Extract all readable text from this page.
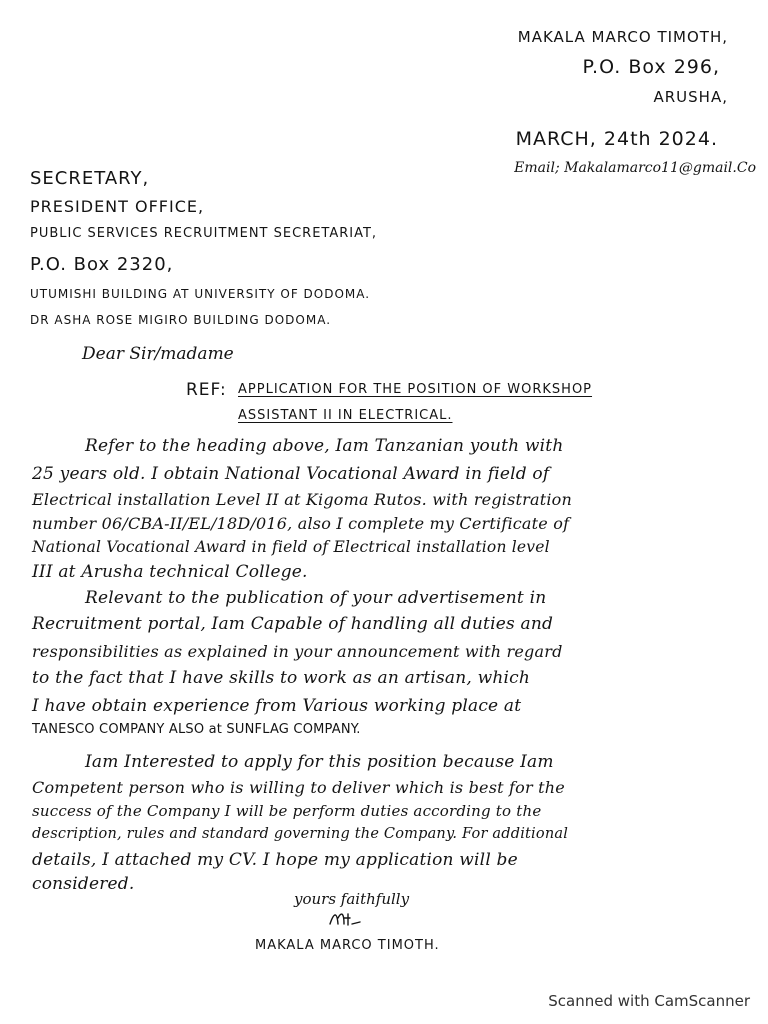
MAKALA MARCO TIMOTH,
P.O. Box 296,
ARUSHA,
MARCH, 24th 2024.
Email; Makalamarco11@gmail.Co
SECRETARY,
PRESIDENT OFFICE,
PUBLIC SERVICES RECRUITMENT SECRETARIAT,
P.O. Box 2320,
UTUMISHI BUILDING AT UNIVERSITY OF DODOMA.
DR ASHA ROSE MIGIRO BUILDING DODOMA.
Dear Sir/madame
REF: APPLICATION FOR THE POSITION OF WORKSHOP
ASSISTANT II IN ELECTRICAL.
Refer to the heading above, Iam Tanzanian youth with
25 years old. I obtain National Vocational Award in field of
Electrical installation Level II at Kigoma Rutos. with registration
number 06/CBA-II/EL/18D/016, also I complete my Certificate of
National Vocational Award in field of Electrical installation level
III at Arusha technical College.
Relevant to the publication of your advertisement in
Recruitment portal, Iam Capable of handling all duties and
responsibilities as explained in your announcement with regard
to the fact that I have skills to work as an artisan, which
I have obtain experience from Various working place at
TANESCO COMPANY ALSO at SUNFLAG COMPANY.
Iam Interested to apply for this position because Iam
Competent person who is willing to deliver which is best for the
success of the Company I will be perform duties according to the
description, rules and standard governing the Company. For additional
details, I attached my CV. I hope my application will be
considered.
yours faithfully
MAKALA MARCO TIMOTH.
Scanned with CamScanner
